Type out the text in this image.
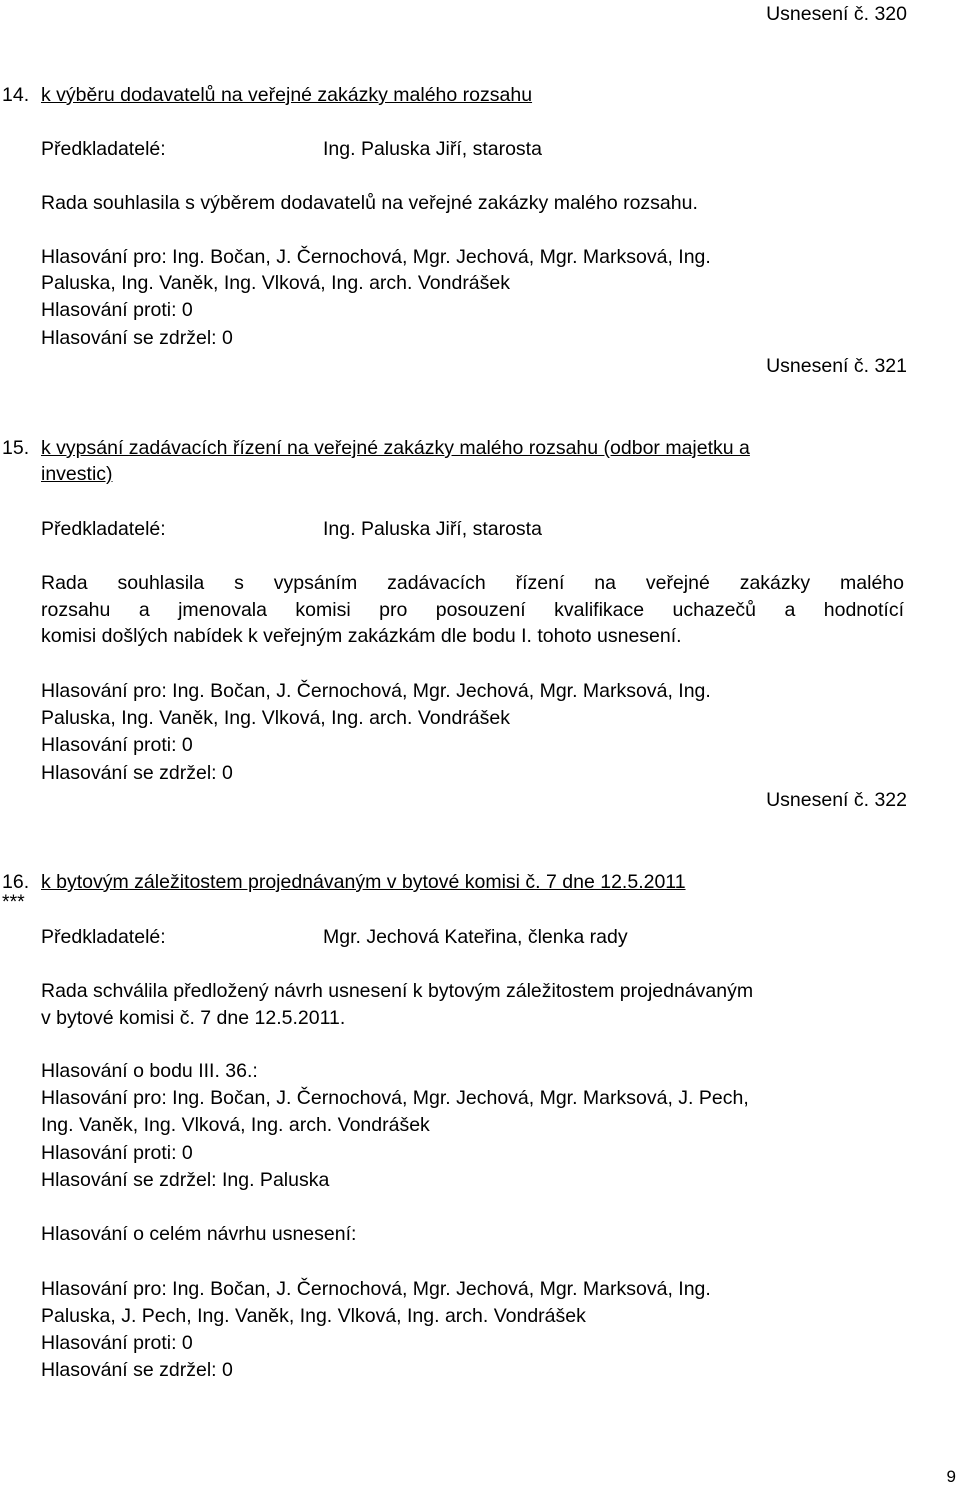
Usnesení č. 320
14. k výběru dodavatelů na veřejné zakázky malého rozsahu
Předkladatelé:	Ing. Paluska Jiří, starosta
Rada souhlasila s výběrem dodavatelů na veřejné zakázky malého rozsahu.
Hlasování pro: Ing. Bočan, J. Černochová, Mgr. Jechová, Mgr. Marksová, Ing.
Paluska, Ing. Vaněk, Ing. Vlková, Ing. arch. Vondrášek
Hlasování proti: 0
Hlasování se zdržel: 0
Usnesení č. 321
15. k vypsání zadávacích řízení na veřejné zakázky malého rozsahu (odbor majetku a
investic)
Předkladatelé:	Ing. Paluska Jiří, starosta
Rada souhlasila s vypsáním zadávacích řízení na veřejné zakázky malého
rozsahu a jmenovala komisi pro posouzení kvalifikace uchazečů a hodnotící
komisi došlých nabídek k veřejným zakázkám dle bodu I. tohoto usnesení.
Hlasování pro: Ing. Bočan, J. Černochová, Mgr. Jechová, Mgr. Marksová, Ing.
Paluska, Ing. Vaněk, Ing. Vlková, Ing. arch. Vondrášek
Hlasování proti: 0
Hlasování se zdržel: 0
Usnesení č. 322
16.
***
k bytovým záležitostem projednávaným v bytové komisi č. 7 dne 12.5.2011
Předkladatelé:	Mgr. Jechová Kateřina, členka rady
Rada schválila předložený návrh usnesení k bytovým záležitostem projednávaným
v bytové komisi č. 7 dne 12.5.2011.
Hlasování o bodu III. 36.:
Hlasování pro: Ing. Bočan, J. Černochová, Mgr. Jechová, Mgr. Marksová, J. Pech,
Ing. Vaněk, Ing. Vlková, Ing. arch. Vondrášek
Hlasování proti: 0
Hlasování se zdržel: Ing. Paluska
Hlasování o celém návrhu usnesení:
Hlasování pro: Ing. Bočan, J. Černochová, Mgr. Jechová, Mgr. Marksová, Ing.
Paluska, J. Pech, Ing. Vaněk, Ing. Vlková, Ing. arch. Vondrášek
Hlasování proti: 0
Hlasování se zdržel: 0
9
